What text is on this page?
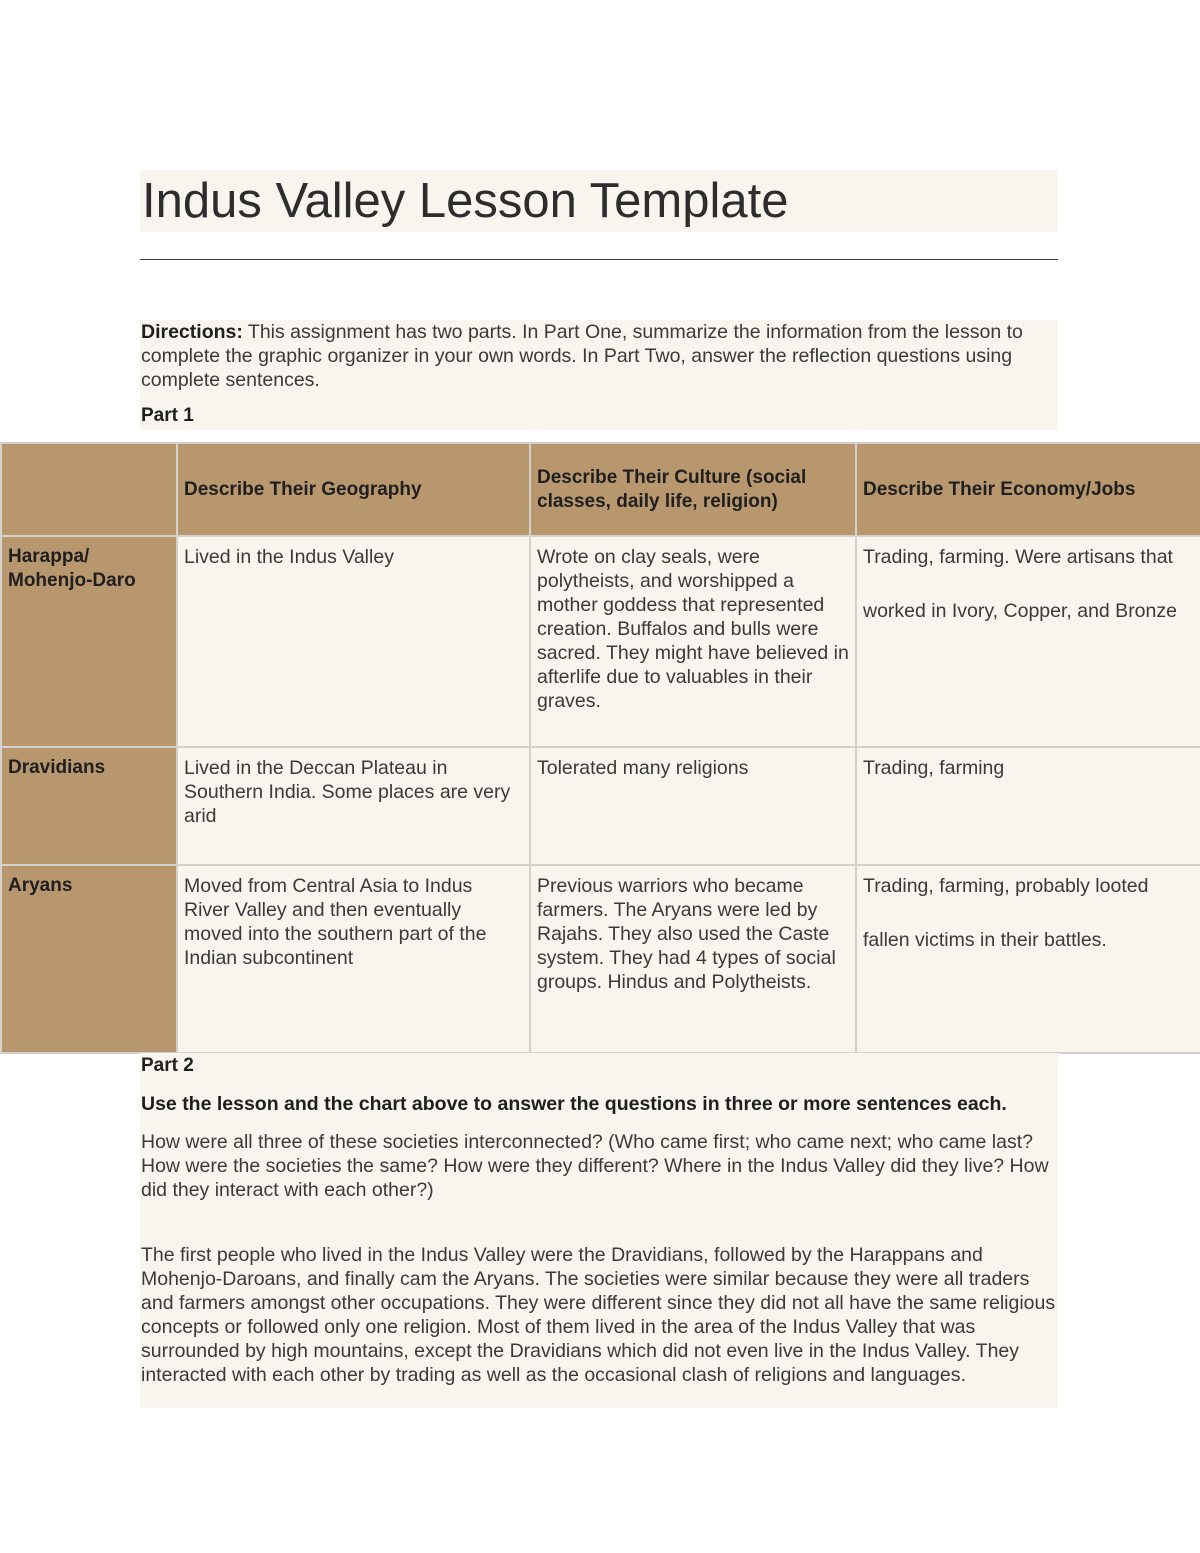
Indus Valley Lesson Template

Directions: This assignment has two parts. In Part One, summarize the information from the lesson to complete the graphic organizer in your own words. In Part Two, answer the reflection questions using complete sentences.

Part 1

	Describe Their Geography	Describe Their Culture (social classes, daily life, religion)	Describe Their Economy/Jobs
Harappa/ Mohenjo-Daro	Lived in the Indus Valley	Wrote on clay seals, were polytheists, and worshipped a mother goddess that represented creation. Buffalos and bulls were sacred. They might have believed in afterlife due to valuables in their graves.	Trading, farming. Were artisans that worked in Ivory, Copper, and Bronze

Dravidians	Lived in the Deccan Plateau in Southern India. Some places are very arid	Tolerated many religions	Trading, farming
Aryans	Moved from Central Asia to Indus River Valley and then eventually moved into the southern part of the Indian subcontinent	Previous warriors who became farmers. The Aryans were led by Rajahs. They also used the Caste system. They had 4 types of social groups. Hindus and Polytheists.	Trading, farming, probably looted fallen victims in their battles.

Part 2

Use the lesson and the chart above to answer the questions in three or more sentences each.

How were all three of these societies interconnected? (Who came first; who came next; who came last? How were the societies the same? How were they different? Where in the Indus Valley did they live? How did they interact with each other?)

The first people who lived in the Indus Valley were the Dravidians, followed by the Harappans and Mohenjo-Daroans, and finally cam the Aryans. The societies were similar because they were all traders and farmers amongst other occupations. They were different since they did not all have the same religious concepts or followed only one religion. Most of them lived in the area of the Indus Valley that was surrounded by high mountains, except the Dravidians which did not even live in the Indus Valley. They interacted with each other by trading as well as the occasional clash of religions and languages.
